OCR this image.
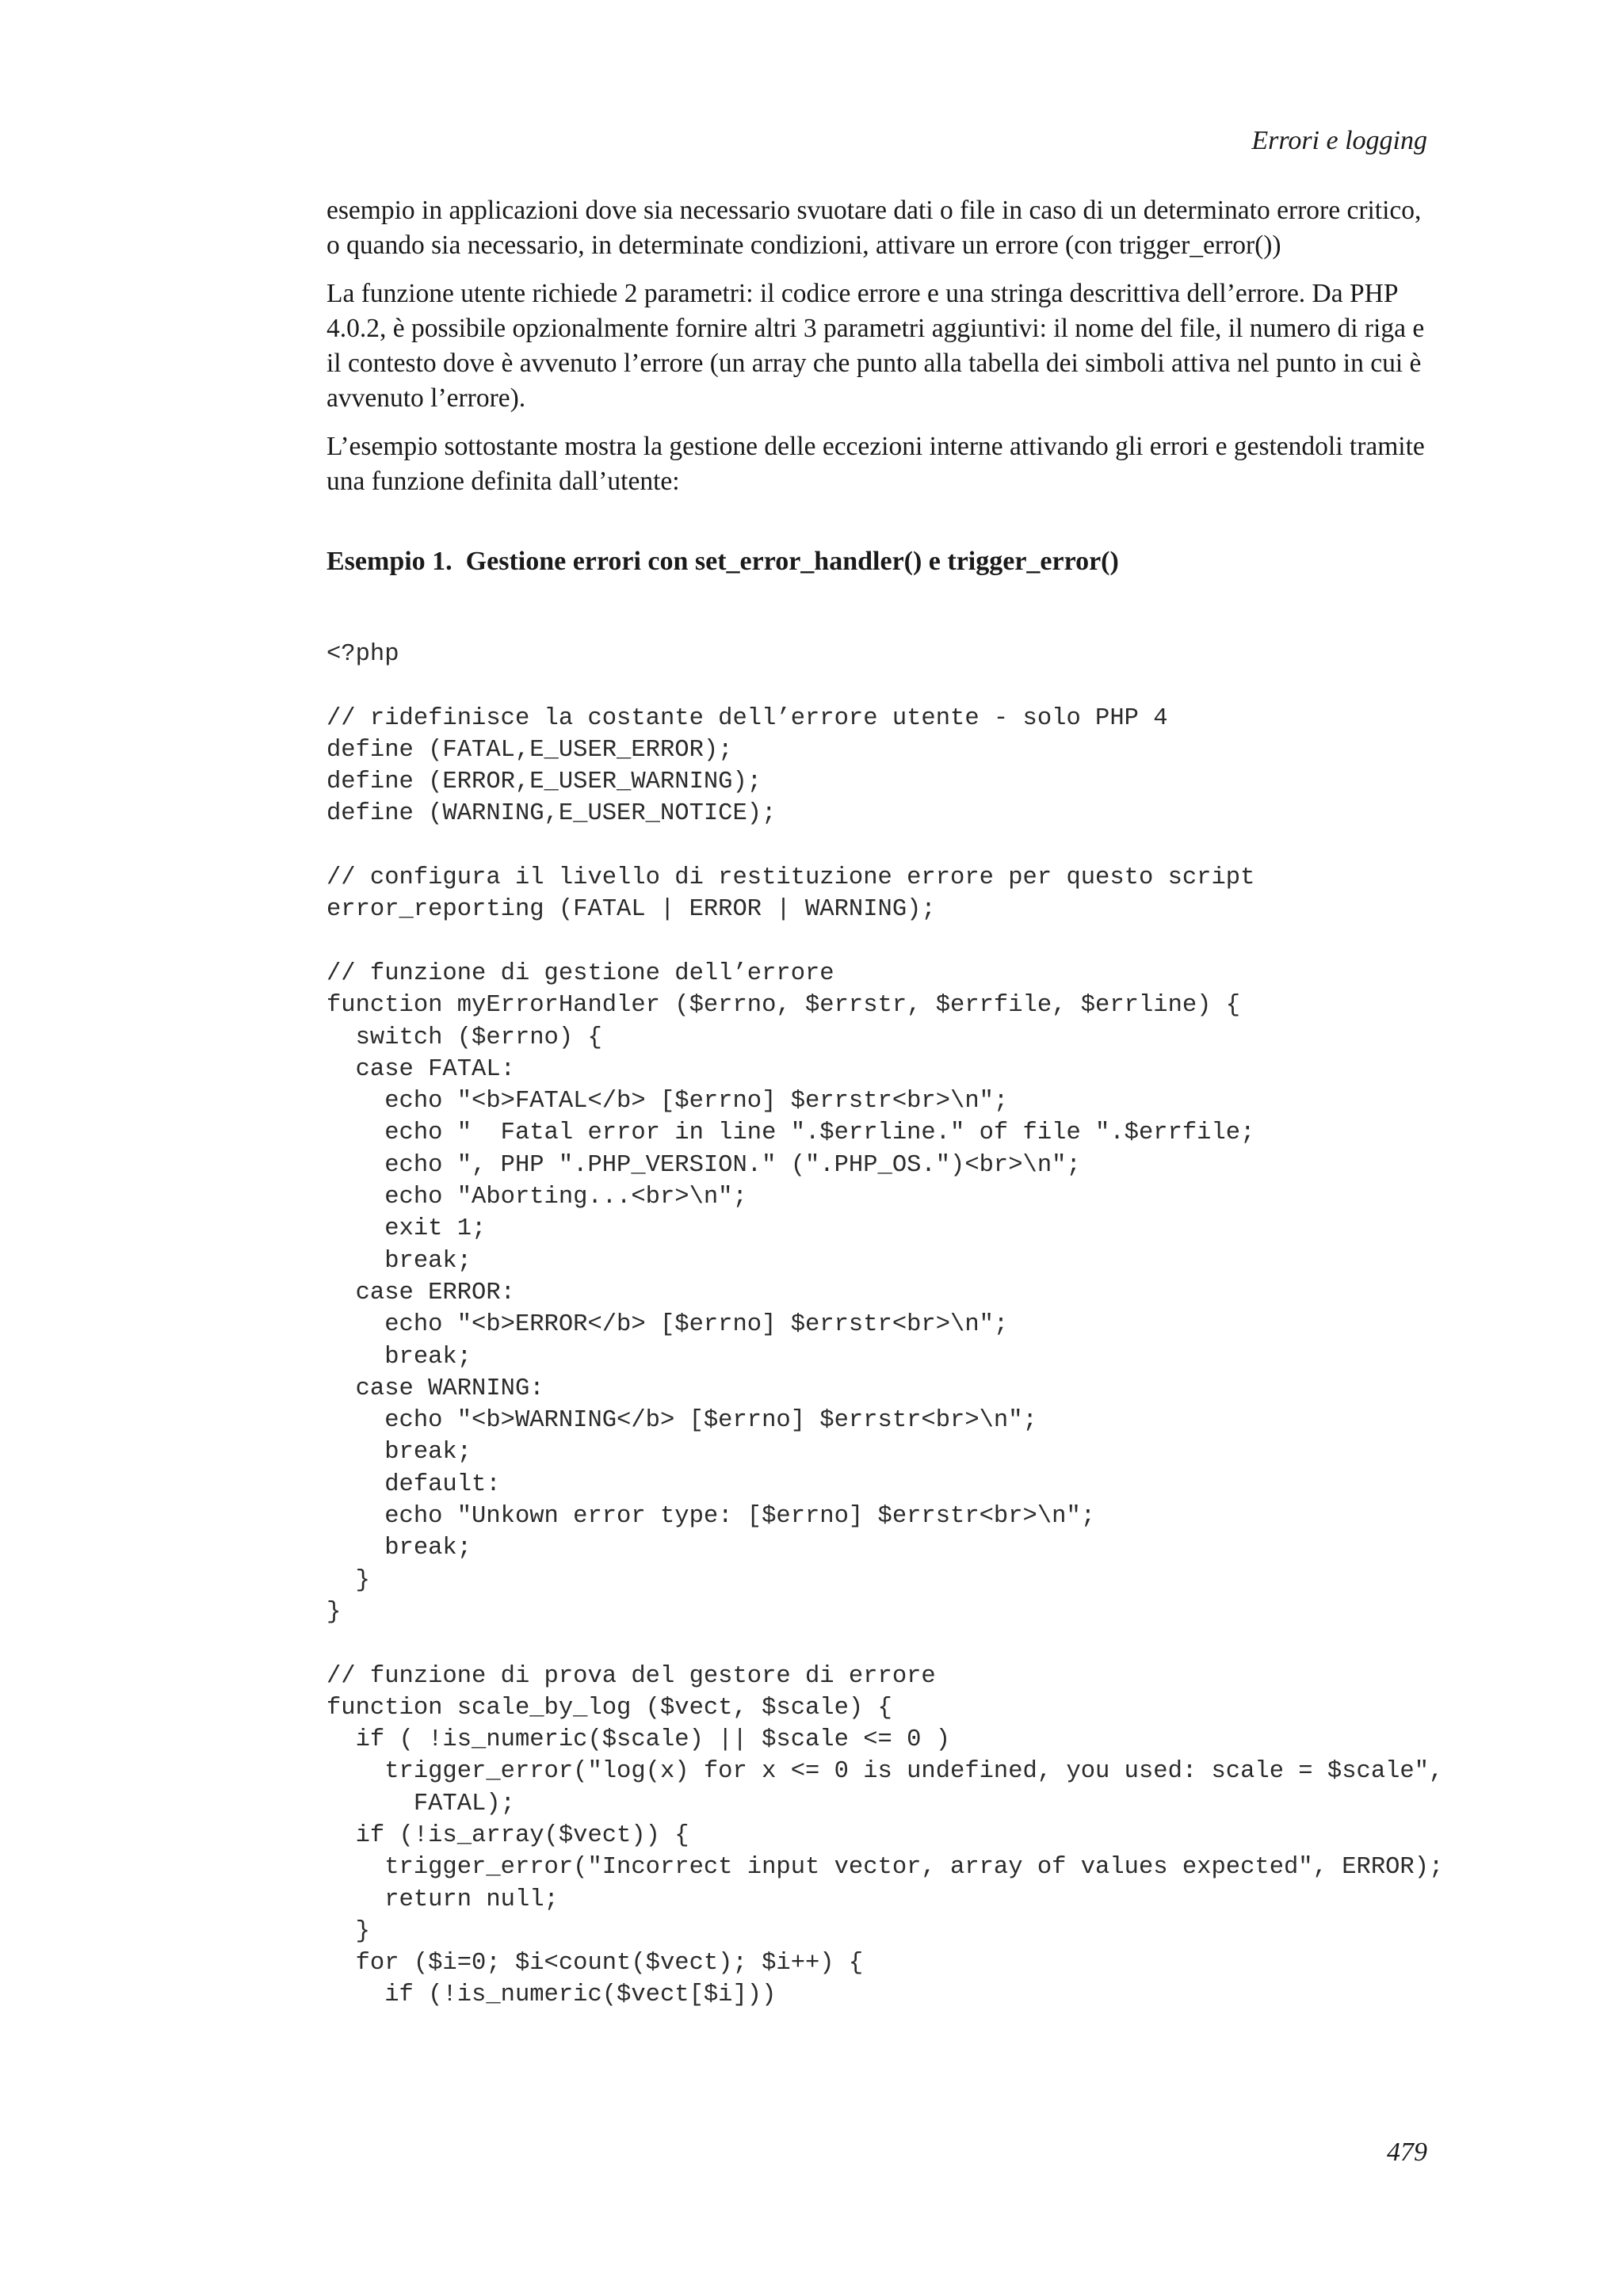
Errori e logging

esempio in applicazioni dove sia necessario svuotare dati o file in caso di un determinato errore critico, o quando sia necessario, in determinate condizioni, attivare un errore (con trigger_error())

La funzione utente richiede 2 parametri: il codice errore e una stringa descrittiva dell’errore. Da PHP 4.0.2, è possibile opzionalmente fornire altri 3 parametri aggiuntivi: il nome del file, il numero di riga e il contesto dove è avvenuto l’errore (un array che punto alla tabella dei simboli attiva nel punto in cui è avvenuto l’errore).

L’esempio sottostante mostra la gestione delle eccezioni interne attivando gli errori e gestendoli tramite una funzione definita dall’utente:

Esempio 1.  Gestione errori con set_error_handler() e trigger_error()
<?php
// ridefinisce la costante dell’errore utente - solo PHP 4
define (FATAL,E_USER_ERROR);
define (ERROR,E_USER_WARNING);
define (WARNING,E_USER_NOTICE);
// configura il livello di restituzione errore per questo script
error_reporting (FATAL | ERROR | WARNING);
// funzione di gestione dell’errore
function myErrorHandler ($errno, $errstr, $errfile, $errline) {
switch ($errno) {
case FATAL:
echo "<b>FATAL</b> [$errno] $errstr<br>\n";
echo "  Fatal error in line ".$errline." of file ".$errfile;
echo ", PHP ".PHP_VERSION." (".PHP_OS.")<br>\n";
echo "Aborting...<br>\n";
exit 1;
break;
case ERROR:
echo "<b>ERROR</b> [$errno] $errstr<br>\n";
break;
case WARNING:
echo "<b>WARNING</b> [$errno] $errstr<br>\n";
break;
default:
echo "Unkown error type: [$errno] $errstr<br>\n";
break;
}
}
// funzione di prova del gestore di errore
function scale_by_log ($vect, $scale) {
if ( !is_numeric($scale) || $scale <= 0 )
trigger_error("log(x) for x <= 0 is undefined, you used: scale = $scale",
FATAL);
if (!is_array($vect)) {
trigger_error("Incorrect input vector, array of values expected", ERROR);
return null;
}
for ($i=0; $i<count($vect); $i++) {
if (!is_numeric($vect[$i]))

479
